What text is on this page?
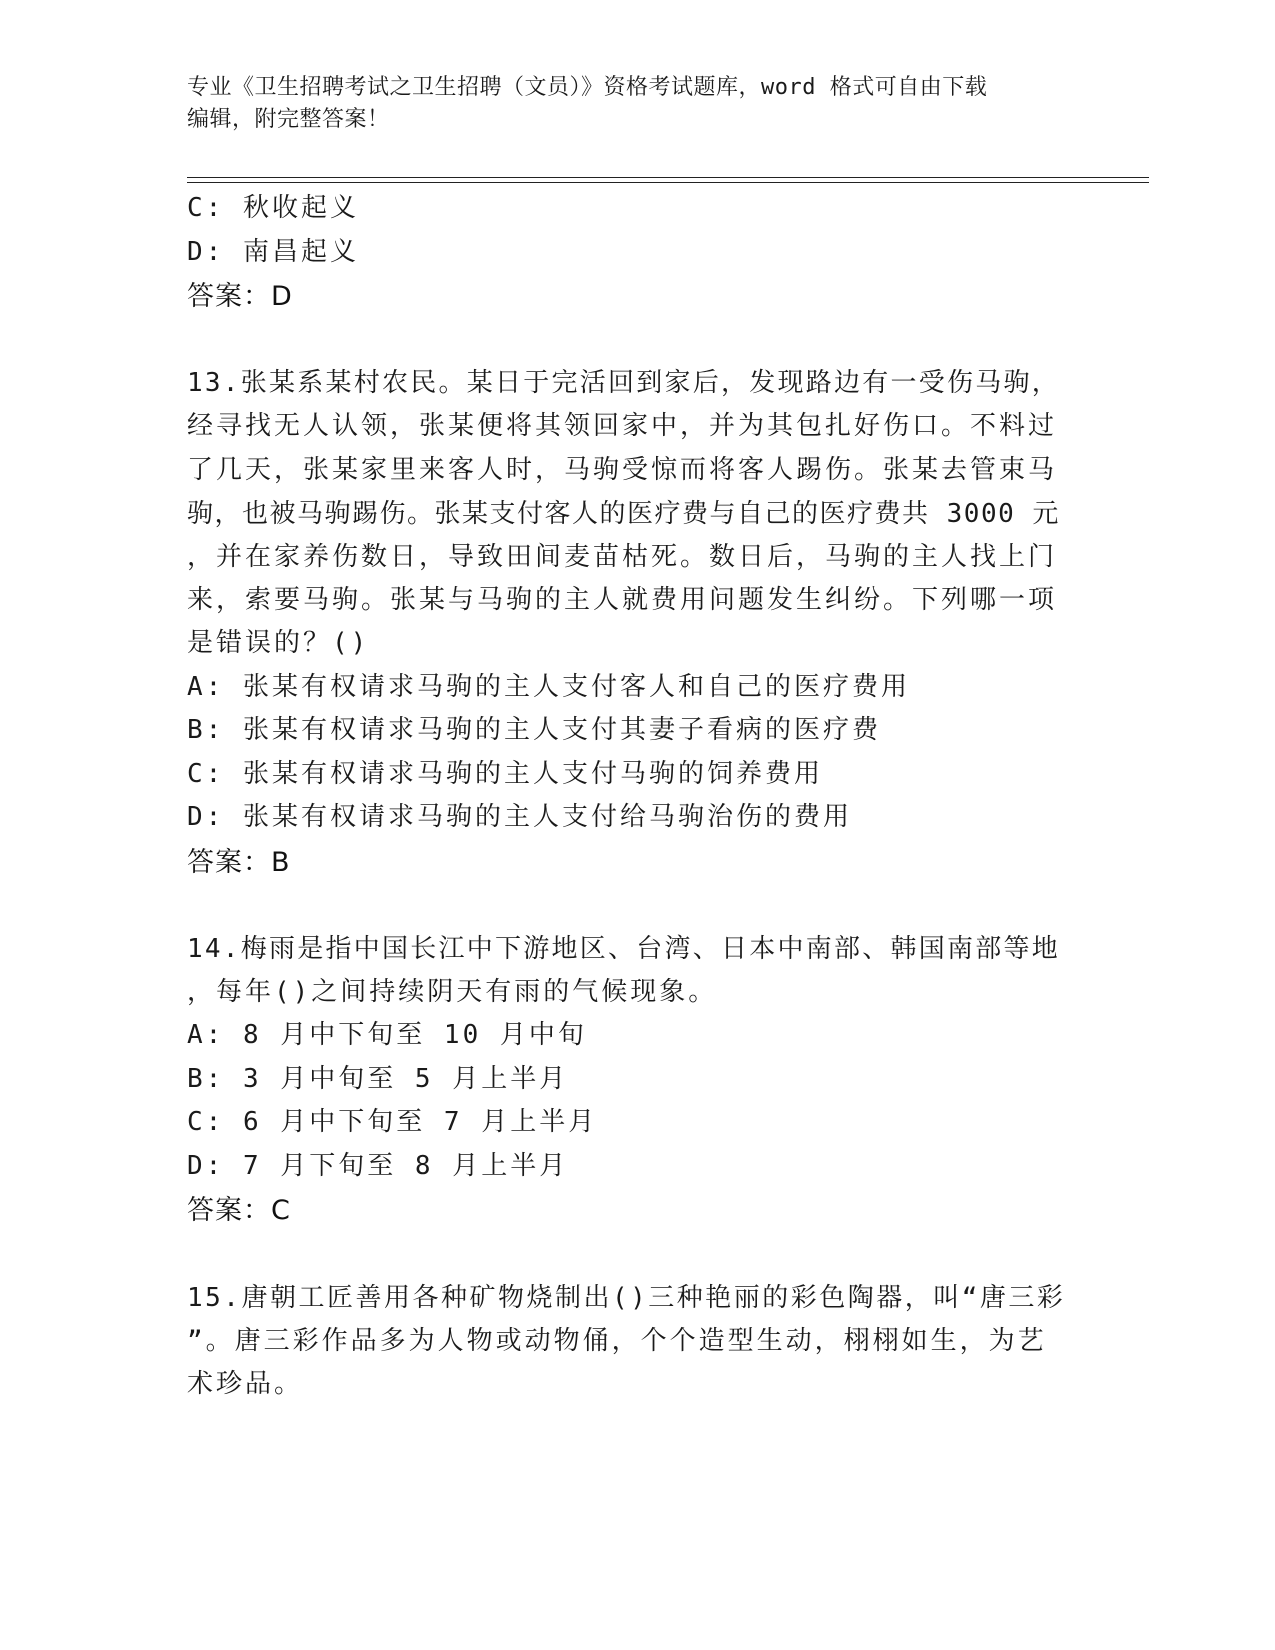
专业《卫生招聘考试之卫生招聘（文员）》资格考试题库，word 格式可自由下载
编辑，附完整答案！
C: 秋收起义
D: 南昌起义
答案：D
13.张某系某村农民。某日于完活回到家后，发现路边有一受伤马驹，
经寻找无人认领，张某便将其领回家中，并为其包扎好伤口。不料过
了几天，张某家里来客人时，马驹受惊而将客人踢伤。张某去管束马
驹，也被马驹踢伤。张某支付客人的医疗费与自己的医疗费共 3000 元
，并在家养伤数日，导致田间麦苗枯死。数日后，马驹的主人找上门
来，索要马驹。张某与马驹的主人就费用问题发生纠纷。下列哪一项
是错误的？()
A: 张某有权请求马驹的主人支付客人和自己的医疗费用
B: 张某有权请求马驹的主人支付其妻子看病的医疗费
C: 张某有权请求马驹的主人支付马驹的饲养费用
D: 张某有权请求马驹的主人支付给马驹治伤的费用
答案：B
14.梅雨是指中国长江中下游地区、台湾、日本中南部、韩国南部等地
，每年()之间持续阴天有雨的气候现象。
A: 8 月中下旬至 10 月中旬
B: 3 月中旬至 5 月上半月
C: 6 月中下旬至 7 月上半月
D: 7 月下旬至 8 月上半月
答案：C
15.唐朝工匠善用各种矿物烧制出()三种艳丽的彩色陶器，叫“唐三彩
”。唐三彩作品多为人物或动物俑，个个造型生动，栩栩如生，为艺
术珍品。
